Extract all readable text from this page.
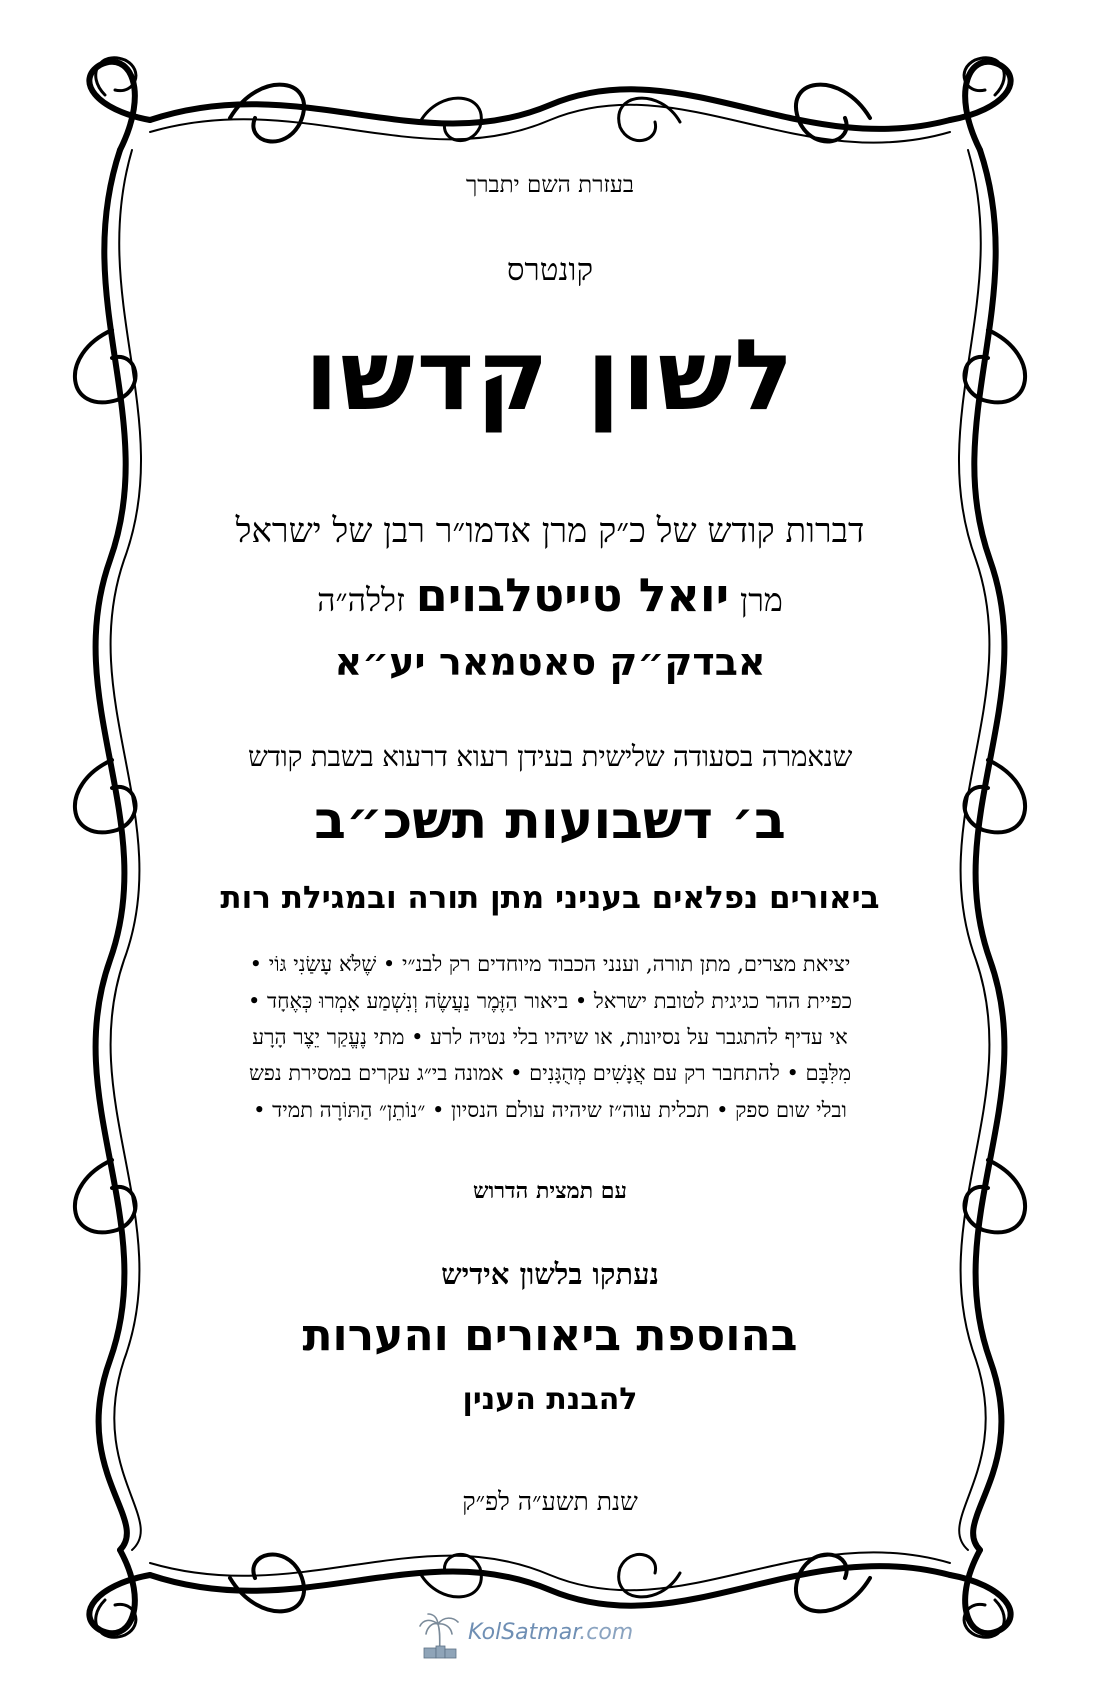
בעזרת השם יתברך
קונטרס
לשון קדשו
דברות קודש של כ״ק מרן אדמו״ר רבן של ישראל
מרן יואל טייטלבוים זללה״ה
אבדק״ק סאטמאר יע״א
שנאמרה בסעודה שלישית בעידן רעוא דרעוא בשבת קודש
ב׳ דשבועות תשכ״ב
ביאורים נפלאים בעניני מתן תורה ובמגילת רות
יציאת מצרים, מתן תורה, וענני הכבוד מיוחדים רק לבנ״י • שֶׁלֹּא עָשַׂנִי גּוֹי •
כפיית ההר כגיגית לטובת ישראל • ביאור הַזֶּמֶר נַעֲשֶׂה וְנִשְׁמַע אָמְרוּ כְּאֶחָד •
אי עדיף להתגבר על נסיונות, או שיהיו בלי נטיה לרע • מתי נֶעֱקַר יֵצֶר הָרָע
מִלִּבָּם • להתחבר רק עם אֲנָשִׁים מְהֻגָּנִים • אמונה בי״ג עקרים במסירת נפש
ובלי שום ספק • תכלית עוה״ז שיהיה עולם הנסיון • ״נוֹתֵן״ הַתּוֹרָה תמיד •
עם תמצית הדרוש
נעתקו בלשון אידיש
בהוספת ביאורים והערות
להבנת הענין
שנת תשע״ה לפ״ק
KolSatmar.com
